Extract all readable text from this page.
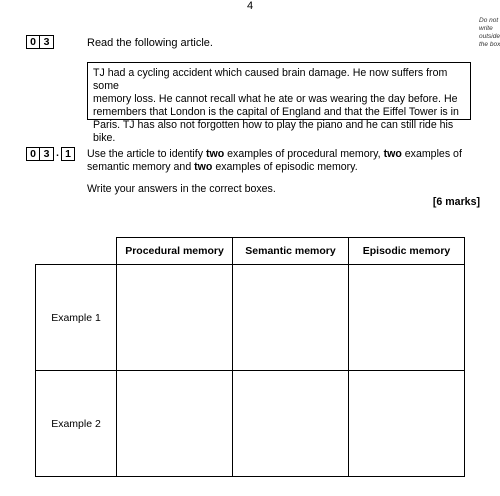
4
Do not write outside the box
0 3	Read the following article.
TJ had a cycling accident which caused brain damage. He now suffers from some
memory loss. He cannot recall what he ate or was wearing the day before. He
remembers that London is the capital of England and that the Eiffel Tower is in
Paris. TJ has also not forgotten how to play the piano and he can still ride his bike.
0 3 . 1	Use the article to identify two examples of procedural memory, two examples of semantic memory and two examples of episodic memory.
Write your answers in the correct boxes.
[6 marks]
	Procedural memory	Semantic memory	Episodic memory
Example 1			
Example 2			
